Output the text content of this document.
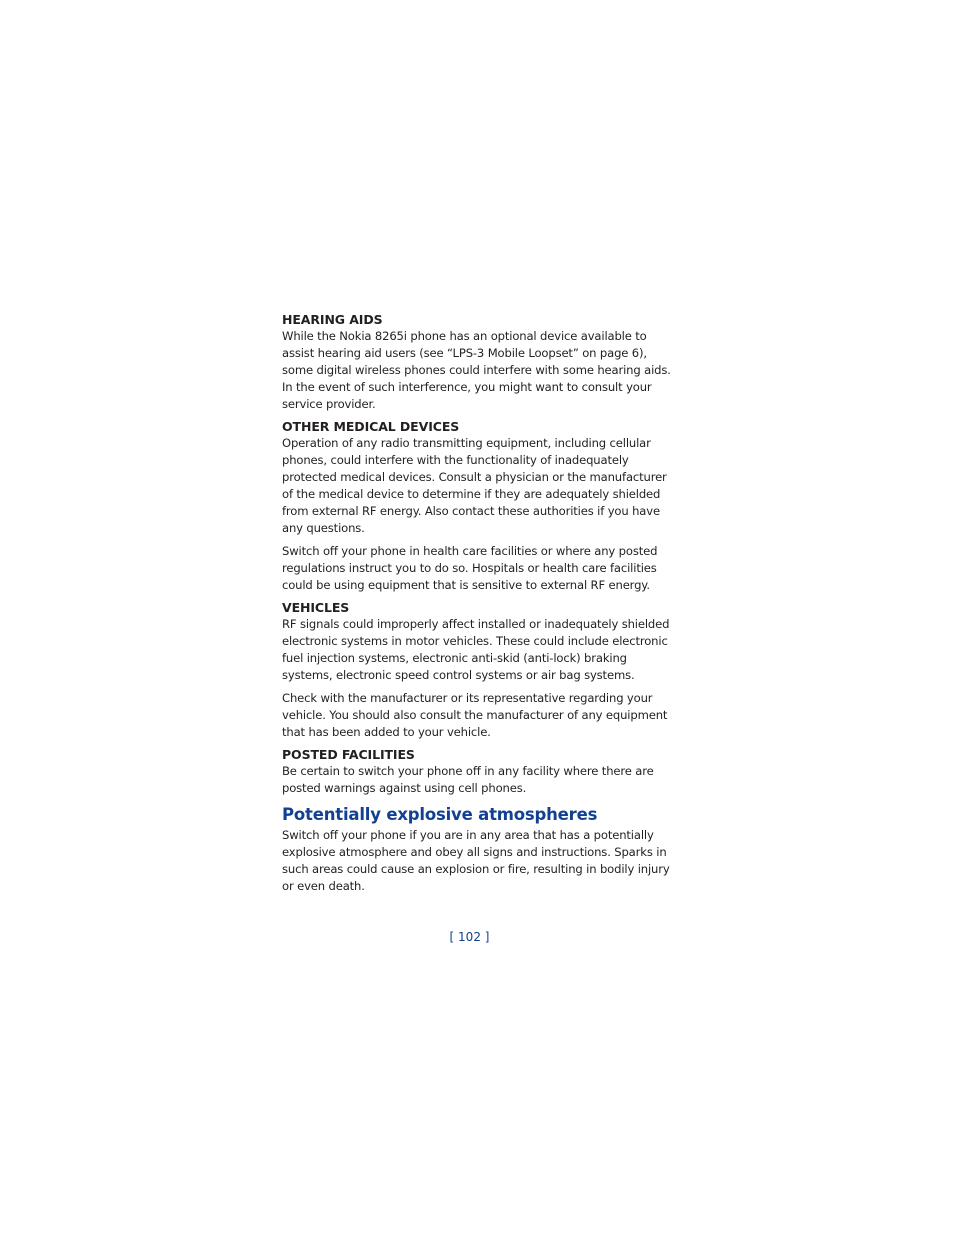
HEARING AIDS

While the Nokia 8265i phone has an optional device available to assist hearing aid users (see “LPS-3 Mobile Loopset” on page 6), some digital wireless phones could interfere with some hearing aids. In the event of such interference, you might want to consult your service provider.

OTHER MEDICAL DEVICES

Operation of any radio transmitting equipment, including cellular phones, could interfere with the functionality of inadequately protected medical devices. Consult a physician or the manufacturer of the medical device to determine if they are adequately shielded from external RF energy. Also contact these authorities if you have any questions.

Switch off your phone in health care facilities or where any posted regulations instruct you to do so. Hospitals or health care facilities could be using equipment that is sensitive to external RF energy.

VEHICLES

RF signals could improperly affect installed or inadequately shielded electronic systems in motor vehicles. These could include electronic fuel injection systems, electronic anti-skid (anti-lock) braking systems, electronic speed control systems or air bag systems.

Check with the manufacturer or its representative regarding your vehicle. You should also consult the manufacturer of any equipment that has been added to your vehicle.

POSTED FACILITIES

Be certain to switch your phone off in any facility where there are posted warnings against using cell phones.

Potentially explosive atmospheres

Switch off your phone if you are in any area that has a potentially explosive atmosphere and obey all signs and instructions. Sparks in such areas could cause an explosion or fire, resulting in bodily injury or even death.

[ 102 ]
